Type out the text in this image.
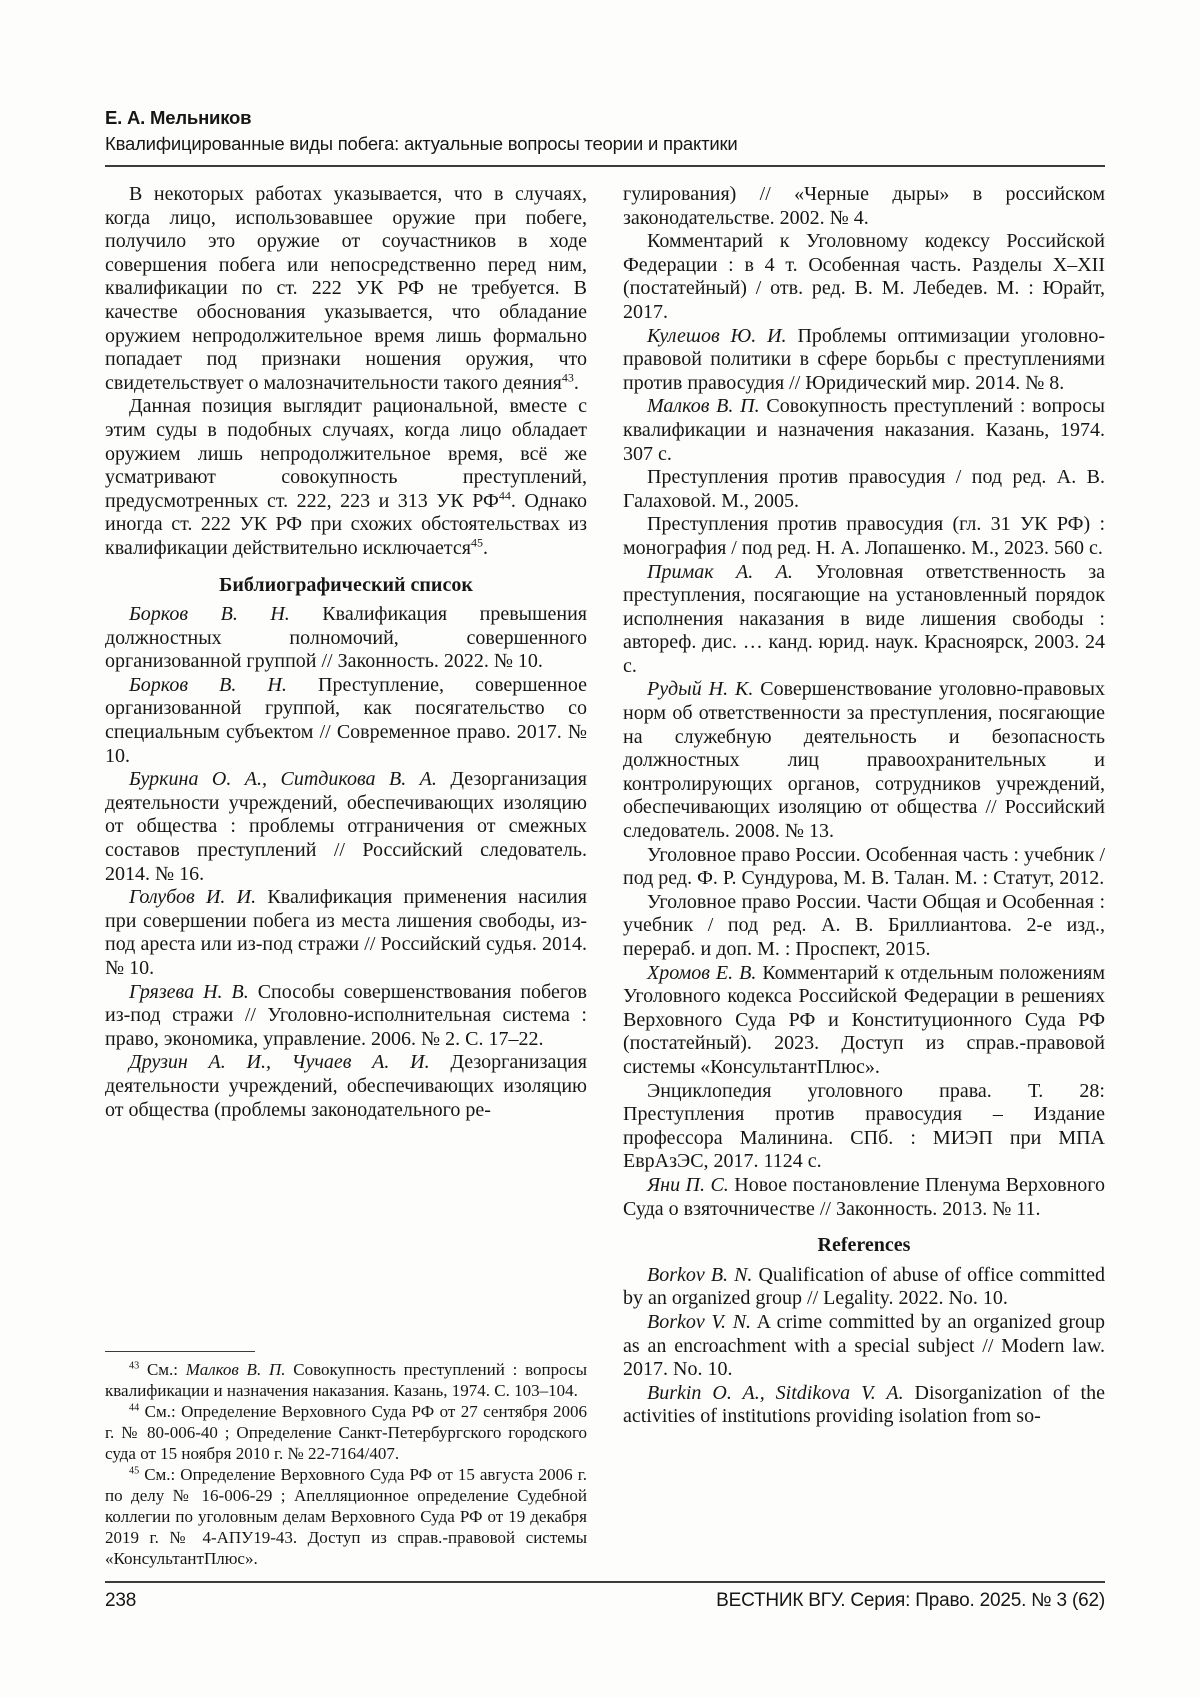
Е. А. Мельников
Квалифицированные виды побега: актуальные вопросы теории и практики

В некоторых работах указывается, что в случаях, когда лицо, использовавшее оружие при побеге, получило это оружие от соучастников в ходе совершения побега или непосредственно перед ним, квалификации по ст. 222 УК РФ не требуется. В качестве обоснования указывается, что обладание оружием непродолжительное время лишь формально попадает под признаки ношения оружия, что свидетельствует о малозначительности такого деяния$^{43}$.

Данная позиция выглядит рациональной, вместе с этим суды в подобных случаях, когда лицо обладает оружием лишь непродолжительное время, всё же усматривают совокупность преступлений, предусмотренных ст. 222, 223 и 313 УК РФ$^{44}$. Однако иногда ст. 222 УК РФ при схожих обстоятельствах из квалификации действительно исключается$^{45}$.

Библиографический список

Борков В. Н. Квалификация превышения должностных полномочий, совершенного организованной группой // Законность. 2022. № 10.

Борков В. Н. Преступление, совершенное организованной группой, как посягательство со специальным субъектом // Современное право. 2017. № 10.

Буркина О. А., Ситдикова В. А. Дезорганизация деятельности учреждений, обеспечивающих изоляцию от общества : проблемы отграничения от смежных составов преступлений // Российский следователь. 2014. № 16.

Голубов И. И. Квалификация применения насилия при совершении побега из места лишения свободы, из-под ареста или из-под стражи // Российский судья. 2014. № 10.

Грязева Н. В. Способы совершенствования побегов из-под стражи // Уголовно-исполнительная система : право, экономика, управление. 2006. № 2. С. 17–22.

Друзин А. И., Чучаев А. И. Дезорганизация деятельности учреждений, обеспечивающих изоляцию от общества (проблемы законодательного ре-

$^{43}$ См.: Малков В. П. Совокупность преступлений : вопросы квалификации и назначения наказания. Казань, 1974. С. 103–104.

$^{44}$ См.: Определение Верховного Суда РФ от 27 сентября 2006 г. № 80-006-40 ; Определение Санкт-Петербургского городского суда от 15 ноября 2010 г. № 22-7164/407.

$^{45}$ См.: Определение Верховного Суда РФ от 15 августа 2006 г. по делу № 16-006-29 ; Апелляционное определение Судебной коллегии по уголовным делам Верховного Суда РФ от 19 декабря 2019 г. № 4-АПУ19-43. Доступ из справ.-правовой системы «КонсультантПлюс».

гулирования) // «Черные дыры» в российском законодательстве. 2002. № 4.

Комментарий к Уголовному кодексу Российской Федерации : в 4 т. Особенная часть. Разделы X–XII (постатейный) / отв. ред. В. М. Лебедев. М. : Юрайт, 2017.

Кулешов Ю. И. Проблемы оптимизации уголовно-правовой политики в сфере борьбы с преступлениями против правосудия // Юридический мир. 2014. № 8.

Малков В. П. Совокупность преступлений : вопросы квалификации и назначения наказания. Казань, 1974. 307 с.

Преступления против правосудия / под ред. А. В. Галаховой. М., 2005.

Преступления против правосудия (гл. 31 УК РФ) : монография / под ред. Н. А. Лопашенко. М., 2023. 560 с.

Примак А. А. Уголовная ответственность за преступления, посягающие на установленный порядок исполнения наказания в виде лишения свободы : автореф. дис. … канд. юрид. наук. Красноярск, 2003. 24 с.

Рудый Н. К. Совершенствование уголовно-правовых норм об ответственности за преступления, посягающие на служебную деятельность и безопасность должностных лиц правоохранительных и контролирующих органов, сотрудников учреждений, обеспечивающих изоляцию от общества // Российский следователь. 2008. № 13.

Уголовное право России. Особенная часть : учебник / под ред. Ф. Р. Сундурова, М. В. Талан. М. : Статут, 2012.

Уголовное право России. Части Общая и Особенная : учебник / под ред. А. В. Бриллиантова. 2-е изд., перераб. и доп. М. : Проспект, 2015.

Хромов Е. В. Комментарий к отдельным положениям Уголовного кодекса Российской Федерации в решениях Верховного Суда РФ и Конституционного Суда РФ (постатейный). 2023. Доступ из справ.-правовой системы «КонсультантПлюс».

Энциклопедия уголовного права. Т. 28: Преступления против правосудия – Издание профессора Малинина. СПб. : МИЭП при МПА ЕврАзЭС, 2017. 1124 с.

Яни П. С. Новое постановление Пленума Верховного Суда о взяточничестве // Законность. 2013. № 11.

References

Borkov B. N. Qualification of abuse of office committed by an organized group // Legality. 2022. No. 10.

Borkov V. N. A crime committed by an organized group as an encroachment with a special subject // Modern law. 2017. No. 10.

Burkin O. A., Sitdikova V. A. Disorganization of the activities of institutions providing isolation from so-

238	ВЕСТНИК ВГУ. Серия: Право. 2025. № 3 (62)
